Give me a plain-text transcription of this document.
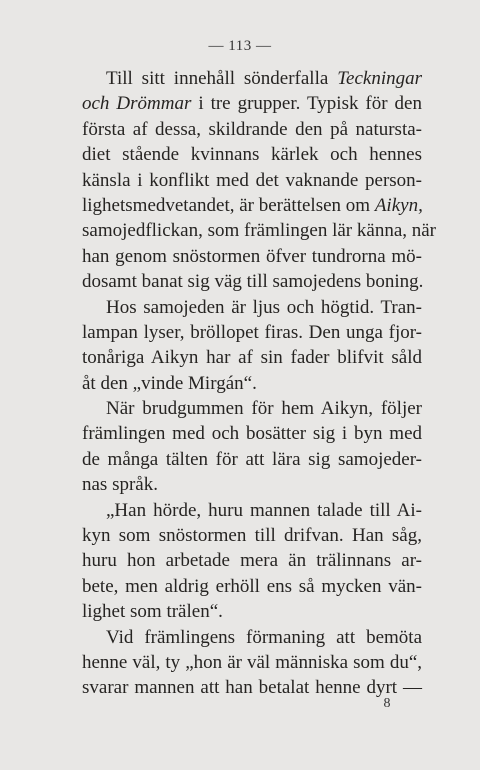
— 113 —
Till sitt innehåll sönderfalla Teckningar
och Drömmar i tre grupper. Typisk för den
första af dessa, skildrande den på natursta-
diet stående kvinnans kärlek och hennes
känsla i konflikt med det vaknande person-
lighetsmedvetandet, är berättelsen om Aikyn,
samojedflickan, som främlingen lär känna, när
han genom snöstormen öfver tundrorna mö-
dosamt banat sig väg till samojedens boning.
Hos samojeden är ljus och högtid. Tran-
lampan lyser, bröllopet firas. Den unga fjor-
tonåriga Aikyn har af sin fader blifvit såld
åt den „vinde Mirgán“.
När brudgummen för hem Aikyn, följer
främlingen med och bosätter sig i byn med
de många tälten för att lära sig samojeder-
nas språk.
„Han hörde, huru mannen talade till Ai-
kyn som snöstormen till drifvan. Han såg,
huru hon arbetade mera än trälinnans ar-
bete, men aldrig erhöll ens så mycken vän-
lighet som trälen“.
Vid främlingens förmaning att bemöta
henne väl, ty „hon är väl människa som du“,
svarar mannen att han betalat henne dyrt —
8
